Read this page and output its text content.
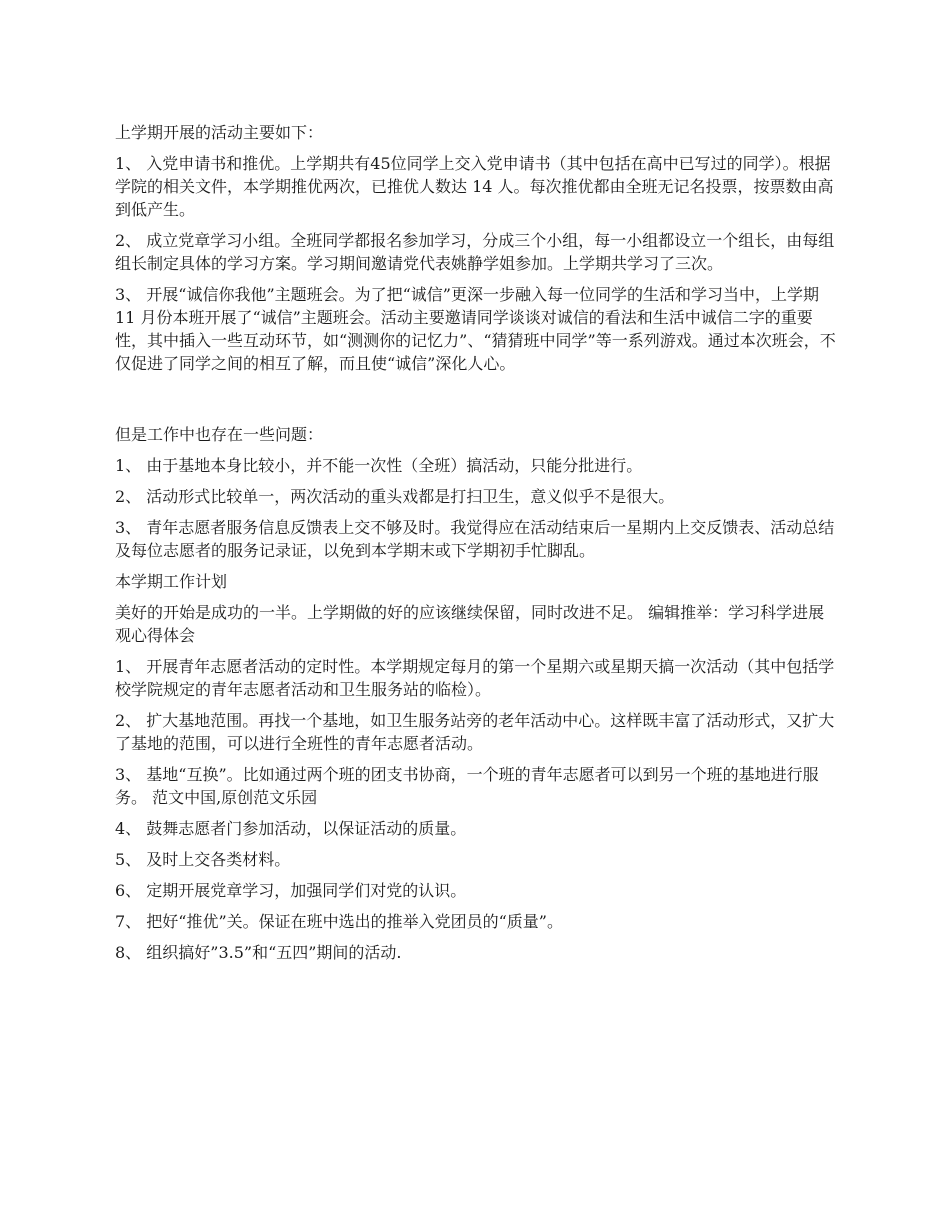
上学期开展的活动主要如下：

1、 入党申请书和推优。上学期共有45位同学上交入党申请书（其中包括在高中已写过的同学）。根据学院的相关文件，本学期推优两次，已推优人数达 14 人。每次推优都由全班无记名投票，按票数由高到低产生。

2、 成立党章学习小组。全班同学都报名参加学习，分成三个小组，每一小组都设立一个组长，由每组组长制定具体的学习方案。学习期间邀请党代表姚静学姐参加。上学期共学习了三次。

3、 开展“诚信你我他”主题班会。为了把“诚信”更深一步融入每一位同学的生活和学习当中，上学期 11 月份本班开展了“诚信”主题班会。活动主要邀请同学谈谈对诚信的看法和生活中诚信二字的重要性，其中插入一些互动环节，如“测测你的记忆力”、“猜猜班中同学”等一系列游戏。通过本次班会，不仅促进了同学之间的相互了解，而且使“诚信”深化人心。

但是工作中也存在一些问题：

1、 由于基地本身比较小，并不能一次性（全班）搞活动，只能分批进行。

2、 活动形式比较单一，两次活动的重头戏都是打扫卫生，意义似乎不是很大。

3、 青年志愿者服务信息反馈表上交不够及时。我觉得应在活动结束后一星期内上交反馈表、活动总结及每位志愿者的服务记录证，以免到本学期末或下学期初手忙脚乱。

本学期工作计划

美好的开始是成功的一半。上学期做的好的应该继续保留，同时改进不足。 编辑推举：学习科学进展观心得体会

1、 开展青年志愿者活动的定时性。本学期规定每月的第一个星期六或星期天搞一次活动（其中包括学校学院规定的青年志愿者活动和卫生服务站的临检）。

2、 扩大基地范围。再找一个基地，如卫生服务站旁的老年活动中心。这样既丰富了活动形式，又扩大了基地的范围，可以进行全班性的青年志愿者活动。

3、 基地“互换”。比如通过两个班的团支书协商，一个班的青年志愿者可以到另一个班的基地进行服务。 范文中国,原创范文乐园

4、 鼓舞志愿者门参加活动，以保证活动的质量。

5、 及时上交各类材料。

6、 定期开展党章学习，加强同学们对党的认识。

7、 把好“推优”关。保证在班中选出的推举入党团员的“质量”。

8、 组织搞好”3.5”和“五四”期间的活动.
